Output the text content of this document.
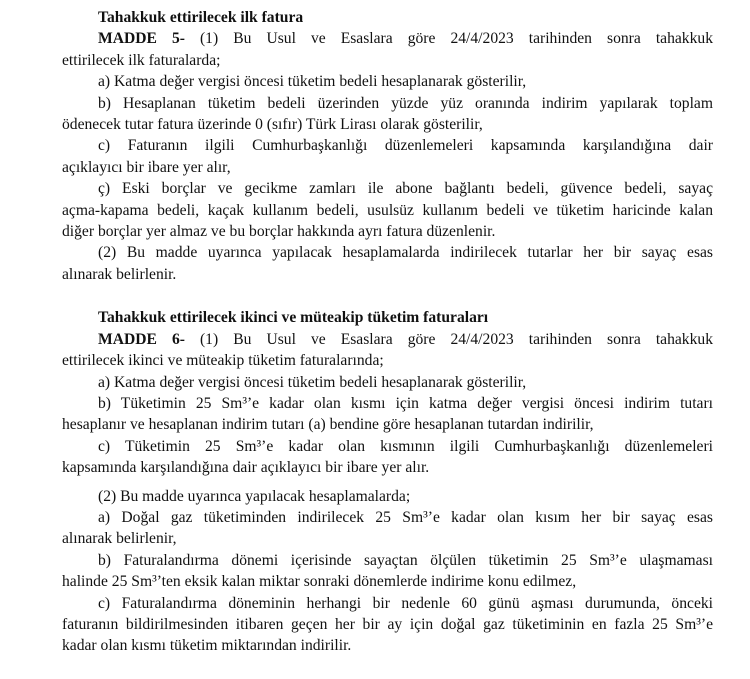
Tahakkuk ettirilecek ilk fatura
MADDE 5- (1) Bu Usul ve Esaslara göre 24/4/2023 tarihinden sonra tahakkuk
ettirilecek ilk faturalarda;
a) Katma değer vergisi öncesi tüketim bedeli hesaplanarak gösterilir,
b) Hesaplanan tüketim bedeli üzerinden yüzde yüz oranında indirim yapılarak toplam
ödenecek tutar fatura üzerinde 0 (sıfır) Türk Lirası olarak gösterilir,
c) Faturanın ilgili Cumhurbaşkanlığı düzenlemeleri kapsamında karşılandığına dair
açıklayıcı bir ibare yer alır,
ç) Eski borçlar ve gecikme zamları ile abone bağlantı bedeli, güvence bedeli, sayaç
açma-kapama bedeli, kaçak kullanım bedeli, usulsüz kullanım bedeli ve tüketim haricinde kalan
diğer borçlar yer almaz ve bu borçlar hakkında ayrı fatura düzenlenir.
(2) Bu madde uyarınca yapılacak hesaplamalarda indirilecek tutarlar her bir sayaç esas
alınarak belirlenir.
Tahakkuk ettirilecek ikinci ve müteakip tüketim faturaları
MADDE 6- (1) Bu Usul ve Esaslara göre 24/4/2023 tarihinden sonra tahakkuk
ettirilecek ikinci ve müteakip tüketim faturalarında;
a) Katma değer vergisi öncesi tüketim bedeli hesaplanarak gösterilir,
b) Tüketimin 25 Sm³’e kadar olan kısmı için katma değer vergisi öncesi indirim tutarı
hesaplanır ve hesaplanan indirim tutarı (a) bendine göre hesaplanan tutardan indirilir,
c) Tüketimin 25 Sm³’e kadar olan kısmının ilgili Cumhurbaşkanlığı düzenlemeleri
kapsamında karşılandığına dair açıklayıcı bir ibare yer alır.
(2) Bu madde uyarınca yapılacak hesaplamalarda;
a) Doğal gaz tüketiminden indirilecek 25 Sm³’e kadar olan kısım her bir sayaç esas
alınarak belirlenir,
b) Faturalandırma dönemi içerisinde sayaçtan ölçülen tüketimin 25 Sm³’e ulaşmaması
halinde 25 Sm³’ten eksik kalan miktar sonraki dönemlerde indirime konu edilmez,
c) Faturalandırma döneminin herhangi bir nedenle 60 günü aşması durumunda, önceki
faturanın bildirilmesinden itibaren geçen her bir ay için doğal gaz tüketiminin en fazla 25 Sm³’e
kadar olan kısmı tüketim miktarından indirilir.
